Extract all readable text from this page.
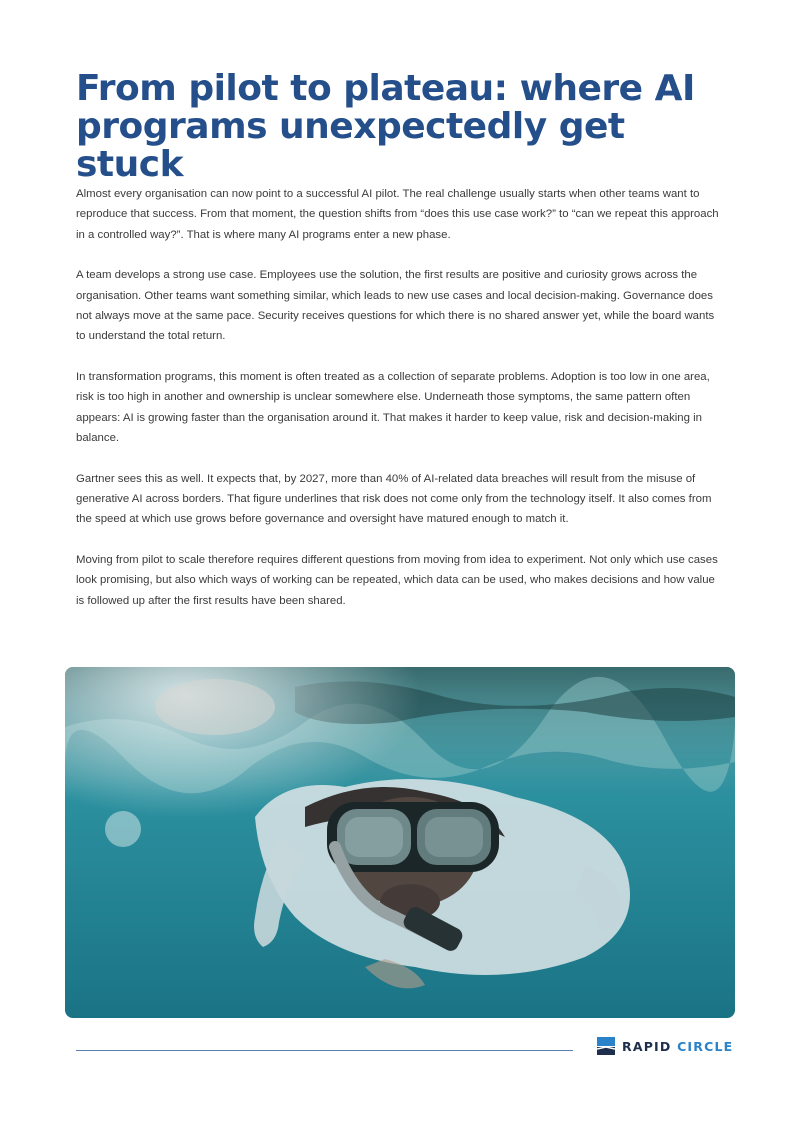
From pilot to plateau: where AI programs unexpectedly get stuck

Almost every organisation can now point to a successful AI pilot. The real challenge usually starts when other teams want to reproduce that success. From that moment, the question shifts from “does this use case work?” to “can we repeat this approach in a controlled way?”. That is where many AI programs enter a new phase.

A team develops a strong use case. Employees use the solution, the first results are positive and curiosity grows across the organisation. Other teams want something similar, which leads to new use cases and local decision-making. Governance does not always move at the same pace. Security receives questions for which there is no shared answer yet, while the board wants to understand the total return.

In transformation programs, this moment is often treated as a collection of separate problems. Adoption is too low in one area, risk is too high in another and ownership is unclear somewhere else. Underneath those symptoms, the same pattern often appears: AI is growing faster than the organisation around it. That makes it harder to keep value, risk and decision-making in balance.

Gartner sees this as well. It expects that, by 2027, more than 40% of AI-related data breaches will result from the misuse of generative AI across borders. That figure underlines that risk does not come only from the technology itself. It also comes from the speed at which use grows before governance and oversight have matured enough to match it.

Moving from pilot to scale therefore requires different questions from moving from idea to experiment. Not only which use cases look promising, but also which ways of working can be repeated, which data can be used, who makes decisions and how value is followed up after the first results have been shared.

RAPID CIRCLE
